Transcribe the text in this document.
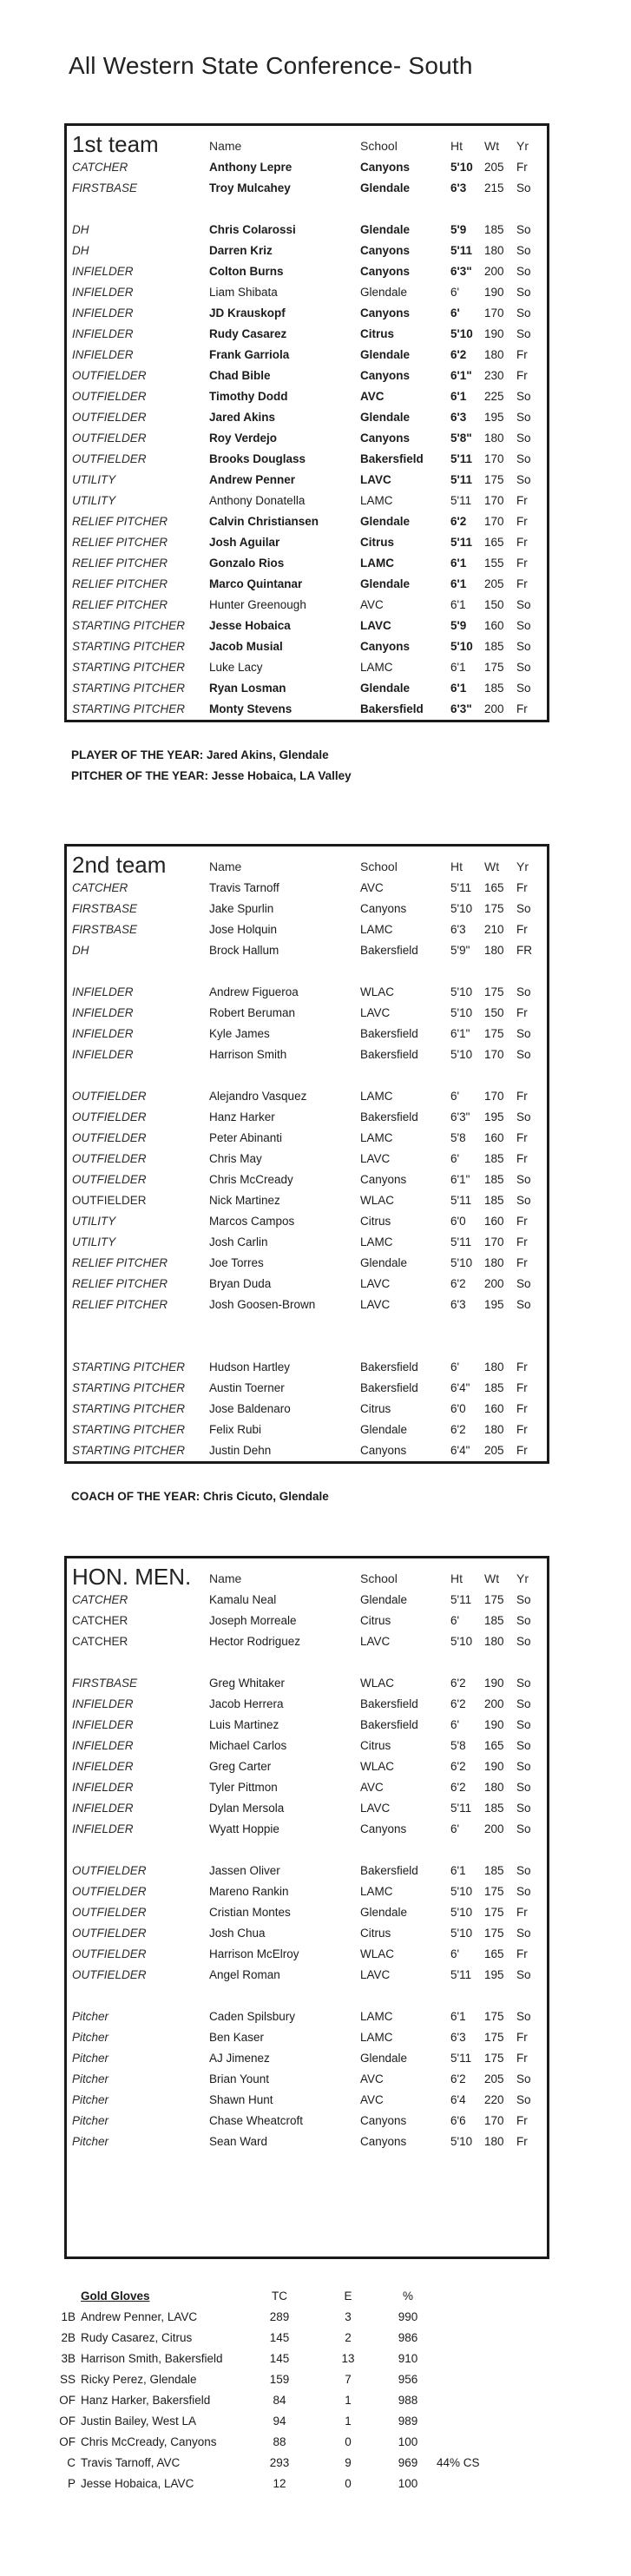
All Western State Conference- South
1st team	Name	School	Ht	Wt	Yr
CATCHER	Anthony Lepre	Canyons	5'10 205	Fr
FIRSTBASE	Troy Mulcahey	Glendale	6'3	215	So
DH	Chris Colarossi	Glendale	5'9	185	So
DH	Darren Kriz	Canyons	5'11	180	So
INFIELDER	Colton Burns	Canyons	6'3"	200	So
INFIELDER	Liam Shibata	Glendale	6'	190	So
INFIELDER	JD Krauskopf	Canyons	6'	170	So
INFIELDER	Rudy Casarez	Citrus	5'10 190	So
INFIELDER	Frank Garriola	Glendale	6'2	180	Fr
OUTFIELDER	Chad Bible	Canyons	6'1"	230	Fr
OUTFIELDER	Timothy Dodd	AVC	6'1	225	So
OUTFIELDER	Jared Akins	Glendale	6'3	195	So
OUTFIELDER	Roy Verdejo	Canyons	5'8"	180	So
OUTFIELDER	Brooks Douglass	Bakersfield	5'11	170	So
UTILITY	Andrew Penner	LAVC	5'11	175	So
UTILITY	Anthony Donatella	LAMC	5'11	170	Fr
RELIEF PITCHER	Calvin Christiansen	Glendale	6'2	170	Fr
RELIEF PITCHER	Josh Aguilar	Citrus	5'11	165	Fr
RELIEF PITCHER	Gonzalo Rios	LAMC	6'1	155	Fr
RELIEF PITCHER	Marco Quintanar	Glendale	6'1	205	Fr
RELIEF PITCHER	Hunter Greenough	AVC	6'1	150	So
STARTING PITCHER	Jesse Hobaica	LAVC	5'9	160	So
STARTING PITCHER	Jacob Musial	Canyons	5'10 185	So
STARTING PITCHER	Luke Lacy	LAMC	6'1	175	So
STARTING PITCHER	Ryan Losman	Glendale	6'1	185	So
STARTING PITCHER	Monty Stevens	Bakersfield	6'3"	200	Fr
PLAYER OF THE YEAR: Jared Akins, Glendale
PITCHER OF THE YEAR: Jesse Hobaica, LA Valley
2nd team	Name	School	Ht	Wt	Yr
CATCHER	Travis Tarnoff	AVC	5'11	165	Fr
FIRSTBASE	Jake Spurlin	Canyons	5'10	175	So
FIRSTBASE	Jose Holquin	LAMC	6'3	210	Fr
DH	Brock Hallum	Bakersfield	5'9"	180	FR
INFIELDER	Andrew Figueroa	WLAC	5'10	175	So
INFIELDER	Robert Beruman	LAVC	5'10	150	Fr
INFIELDER	Kyle James	Bakersfield	6'1"	175	So
INFIELDER	Harrison Smith	Bakersfield	5'10	170	So
OUTFIELDER	Alejandro Vasquez	LAMC	6'	170	Fr
OUTFIELDER	Hanz Harker	Bakersfield	6'3"	195	So
OUTFIELDER	Peter Abinanti	LAMC	5'8	160	Fr
OUTFIELDER	Chris May	LAVC	6'	185	Fr
OUTFIELDER	Chris McCready	Canyons	6'1"	185	So
OUTFIELDER	Nick Martinez	WLAC	5'11	185	So
UTILITY	Marcos Campos	Citrus	6'0	160	Fr
UTILITY	Josh Carlin	LAMC	5'11	170	Fr
RELIEF PITCHER	Joe Torres	Glendale	5'10	180	Fr
RELIEF PITCHER	Bryan Duda	LAVC	6'2	200	So
RELIEF PITCHER	Josh Goosen-Brown	LAVC	6'3	195	So
STARTING PITCHER	Hudson Hartley	Bakersfield	6'	180	Fr
STARTING PITCHER	Austin Toerner	Bakersfield	6'4"	185	Fr
STARTING PITCHER	Jose Baldenaro	Citrus	6'0	160	Fr
STARTING PITCHER	Felix Rubi	Glendale	6'2	180	Fr
STARTING PITCHER	Justin Dehn	Canyons	6'4"	205	Fr
COACH OF THE YEAR: Chris Cicuto, Glendale
HON. MEN.	Name	School	Ht	Wt	Yr
CATCHER	Kamalu Neal	Glendale	5'11	175	So
CATCHER	Joseph Morreale	Citrus	6'	185	So
CATCHER	Hector Rodriguez	LAVC	5'10	180	So
FIRSTBASE	Greg Whitaker	WLAC	6'2	190	So
INFIELDER	Jacob Herrera	Bakersfield	6'2	200	So
INFIELDER	Luis Martinez	Bakersfield	6'	190	So
INFIELDER	Michael Carlos	Citrus	5'8	165	So
INFIELDER	Greg Carter	WLAC	6'2	190	So
INFIELDER	Tyler Pittmon	AVC	6'2	180	So
INFIELDER	Dylan Mersola	LAVC	5'11	185	So
INFIELDER	Wyatt Hoppie	Canyons	6'	200	So
OUTFIELDER	Jassen Oliver	Bakersfield	6'1	185	So
OUTFIELDER	Mareno Rankin	LAMC	5'10	175	So
OUTFIELDER	Cristian Montes	Glendale	5'10	175	Fr
OUTFIELDER	Josh Chua	Citrus	5'10	175	So
OUTFIELDER	Harrison McElroy	WLAC	6'	165	Fr
OUTFIELDER	Angel Roman	LAVC	5'11	195	So
Pitcher	Caden Spilsbury	LAMC	6'1	175	So
Pitcher	Ben Kaser	LAMC	6'3	175	Fr
Pitcher	AJ Jimenez	Glendale	5'11	175	Fr
Pitcher	Brian Yount	AVC	6'2	205	So
Pitcher	Shawn Hunt	AVC	6'4	220	So
Pitcher	Chase Wheatcroft	Canyons	6'6	170	Fr
Pitcher	Sean Ward	Canyons	5'10	180	Fr
Gold Gloves	TC	E	%
1B Andrew Penner, LAVC	289	3	990
2B Rudy Casarez, Citrus	145	2	986
3B Harrison Smith, Bakersfield	145	13	910
SS Ricky Perez, Glendale	159	7	956
OF Hanz Harker, Bakersfield	84	1	988
OF Justin Bailey, West LA	94	1	989
OF Chris McCready, Canyons	88	0	100
C Travis Tarnoff, AVC	293	9	969	44% CS
P Jesse Hobaica, LAVC	12	0	100
